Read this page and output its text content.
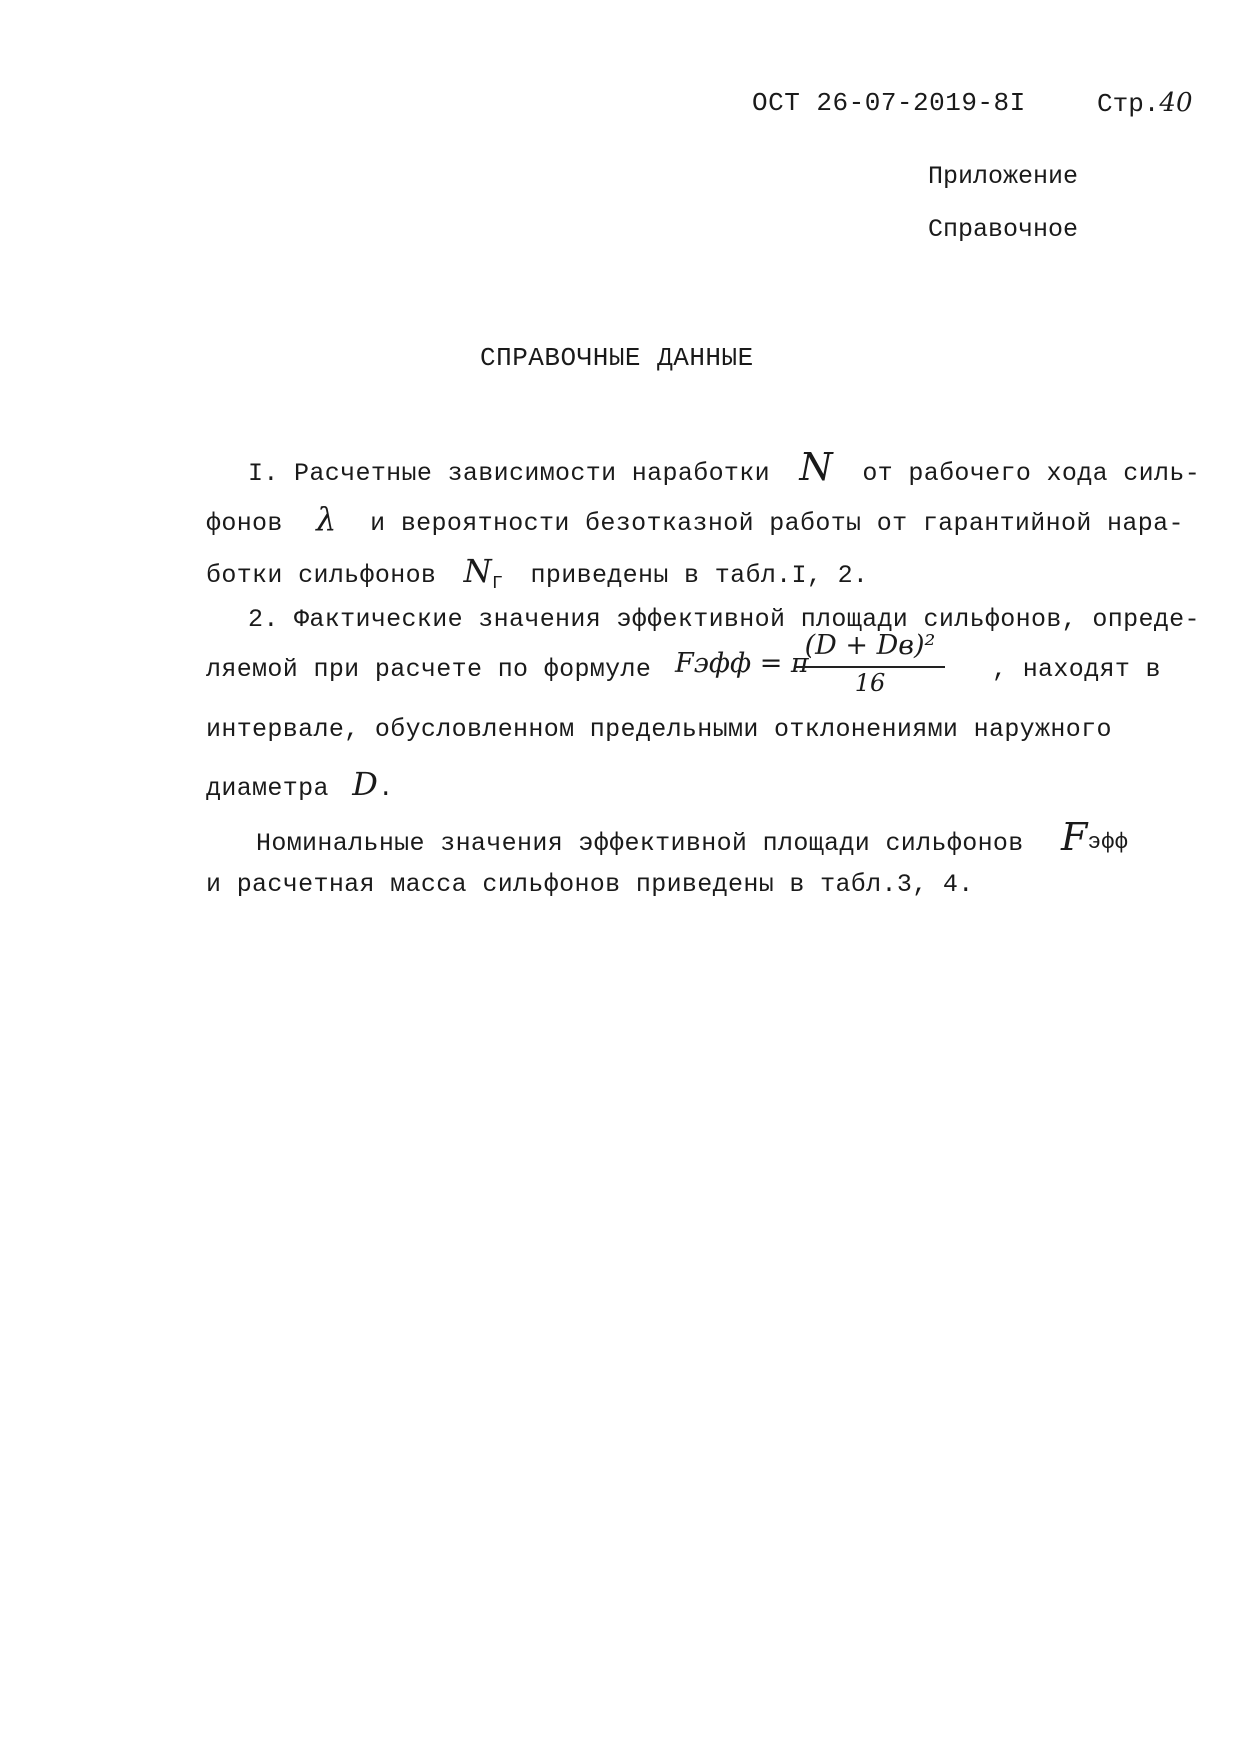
ОСТ 26-07-2019-8I	Стр.40
Приложение
Справочное
СПРАВОЧНЫЕ ДАННЫЕ
I. Расчетные зависимости наработки N от рабочего хода силь-
фонов λ и вероятности безотказной работы от гарантийной нара-
ботки сильфонов $N_Г$ приведены в табл.I, 2.
2. Фактические значения эффективной площади сильфонов, опреде-
ляемой при расчете по формуле Fэфф = π
(D + Dв)²
16	, находят в
интервале, обусловленном предельными отклонениями наружного
диаметра D.
Номинальные значения эффективной площади сильфонов Fэфф
и расчетная масса сильфонов приведены в табл.3, 4.
